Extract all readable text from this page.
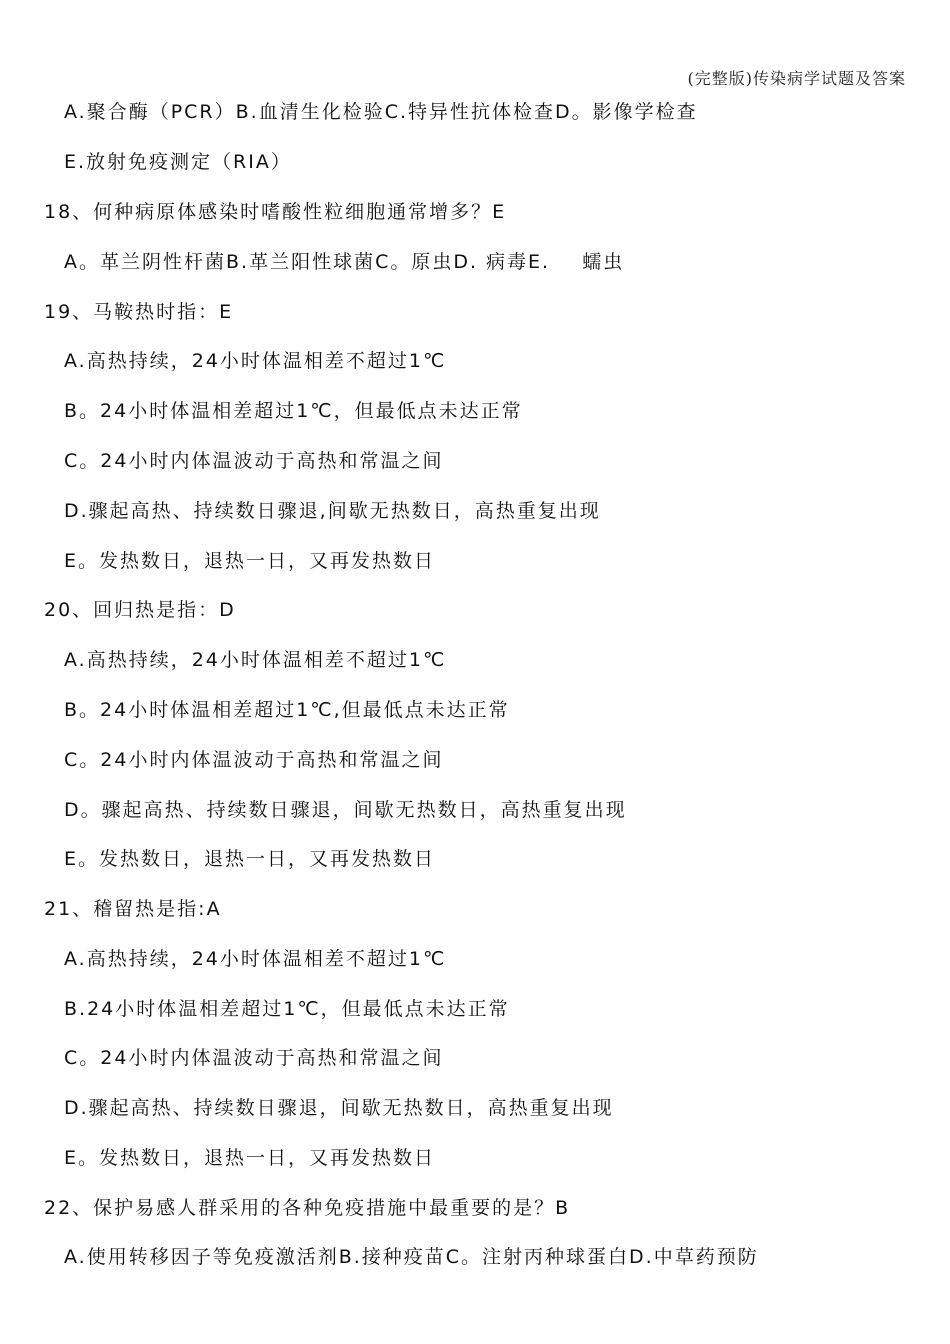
(完整版)传染病学试题及答案
A.聚合酶（PCR）B.血清生化检验C.特异性抗体检查D。影像学检查
E.放射免疫测定（RIA）
18、何种病原体感染时嗜酸性粒细胞通常增多？E
A。革兰阴性杆菌B.革兰阳性球菌C。原虫D. 病毒E.    蠕虫
19、马鞍热时指：E
A.高热持续，24小时体温相差不超过1℃
B。24小时体温相差超过1℃，但最低点未达正常
C。24小时内体温波动于高热和常温之间
D.骤起高热、持续数日骤退,间歇无热数日，高热重复出现
E。发热数日，退热一日，又再发热数日
20、回归热是指：D
A.高热持续，24小时体温相差不超过1℃
B。24小时体温相差超过1℃,但最低点未达正常
C。24小时内体温波动于高热和常温之间
D。骤起高热、持续数日骤退，间歇无热数日，高热重复出现
E。发热数日，退热一日，又再发热数日
21、稽留热是指:A
A.高热持续，24小时体温相差不超过1℃
B.24小时体温相差超过1℃，但最低点未达正常
C。24小时内体温波动于高热和常温之间
D.骤起高热、持续数日骤退，间歇无热数日，高热重复出现
E。发热数日，退热一日，又再发热数日
22、保护易感人群采用的各种免疫措施中最重要的是？B
A.使用转移因子等免疫激活剂B.接种疫苗C。注射丙种球蛋白D.中草药预防
